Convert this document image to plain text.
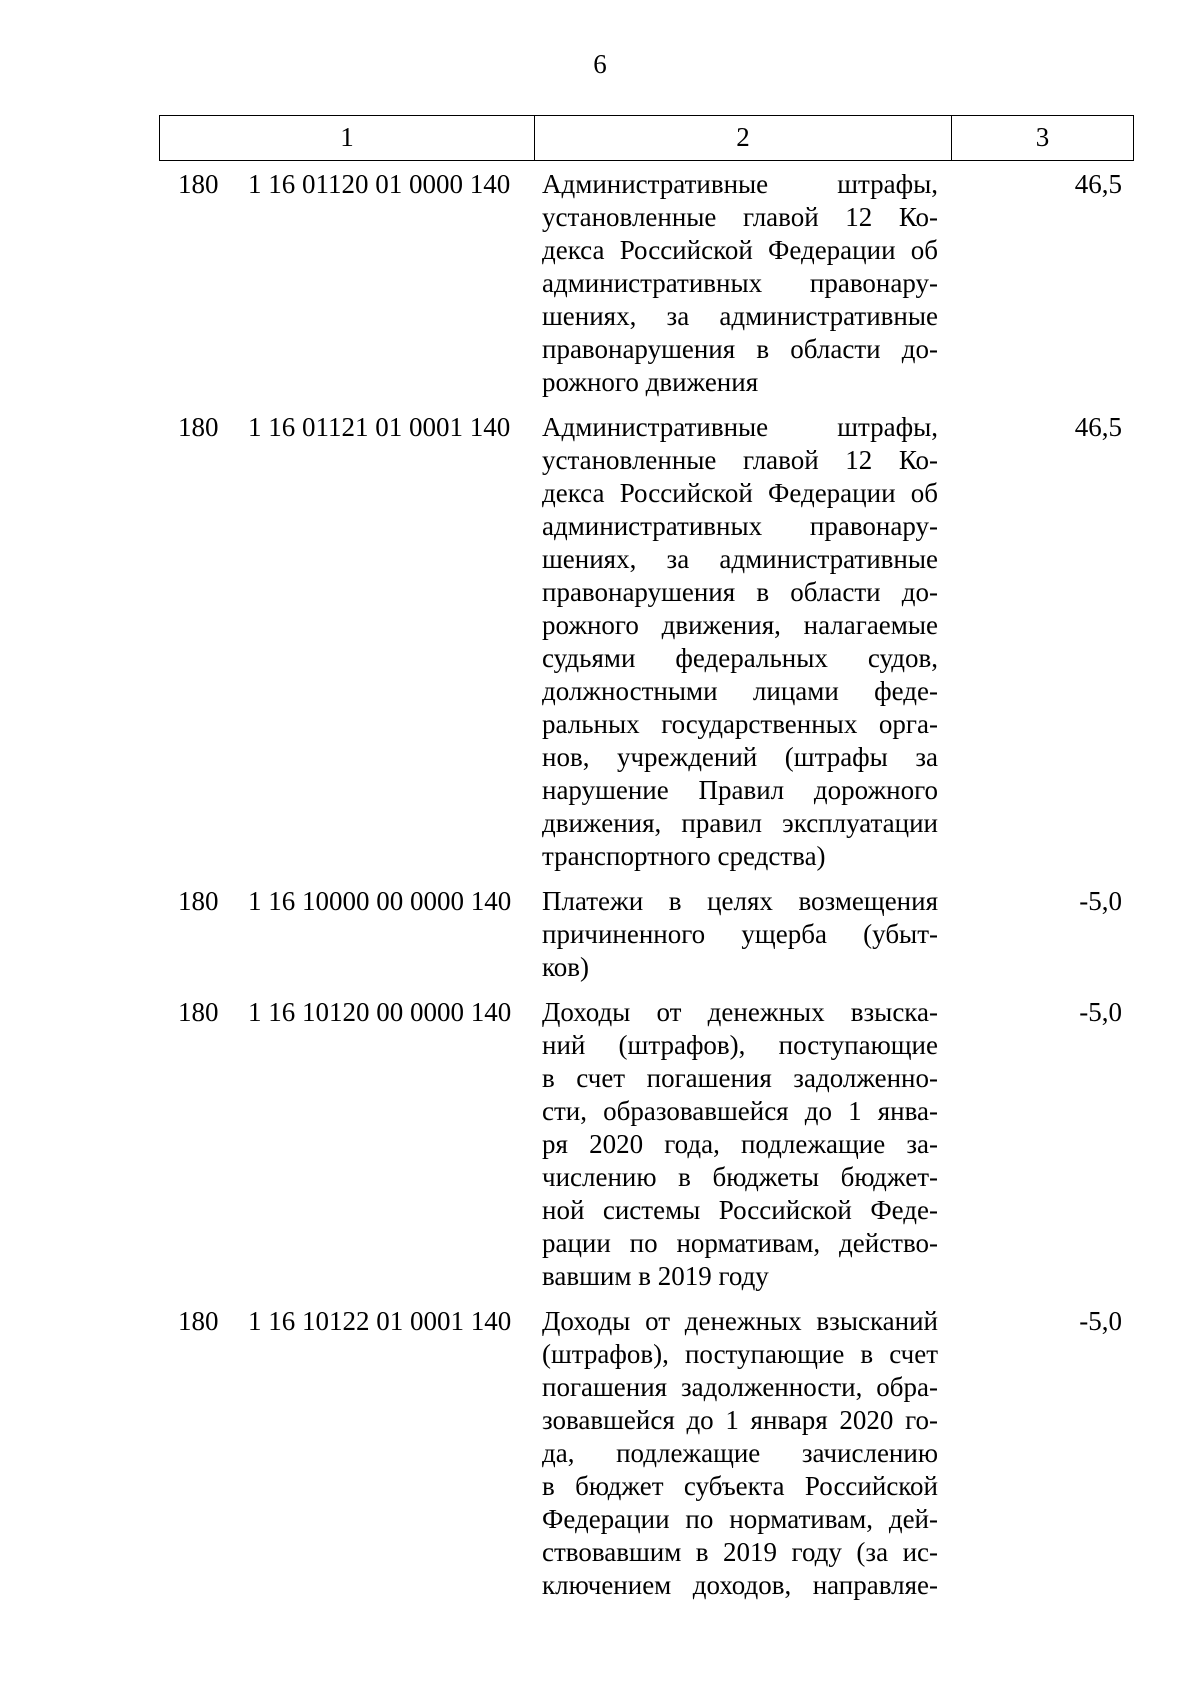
6
1	2	3
180 1 16 01120 01 0000 140 Административные штрафы,
установленные главой 12 Ко-
декса Российской Федерации об
административных правонару-
шениях, за административные
правонарушения в области до-
рожного движения
46,5
180 1 16 01121 01 0001 140 Административные штрафы,
установленные главой 12 Ко-
декса Российской Федерации об
административных правонару-
шениях, за административные
правонарушения в области до-
рожного движения, налагаемые
судьями федеральных судов,
должностными лицами феде-
ральных государственных орга-
нов, учреждений (штрафы за
нарушение Правил дорожного
движения, правил эксплуатации
транспортного средства)
46,5
180 1 16 10000 00 0000 140 Платежи в целях возмещения
причиненного ущерба (убыт-
ков)
-5,0
180 1 16 10120 00 0000 140 Доходы от денежных взыска-
ний (штрафов), поступающие
в счет погашения задолженно-
сти, образовавшейся до 1 янва-
ря 2020 года, подлежащие за-
числению в бюджеты бюджет-
ной системы Российской Феде-
рации по нормативам, действо-
вавшим в 2019 году
-5,0
180 1 16 10122 01 0001 140 Доходы от денежных взысканий
(штрафов), поступающие в счет
погашения задолженности, обра-
зовавшейся до 1 января 2020 го-
да, подлежащие зачислению
в бюджет субъекта Российской
Федерации по нормативам, дей-
ствовавшим в 2019 году (за ис-
ключением доходов, направляе-
-5,0
